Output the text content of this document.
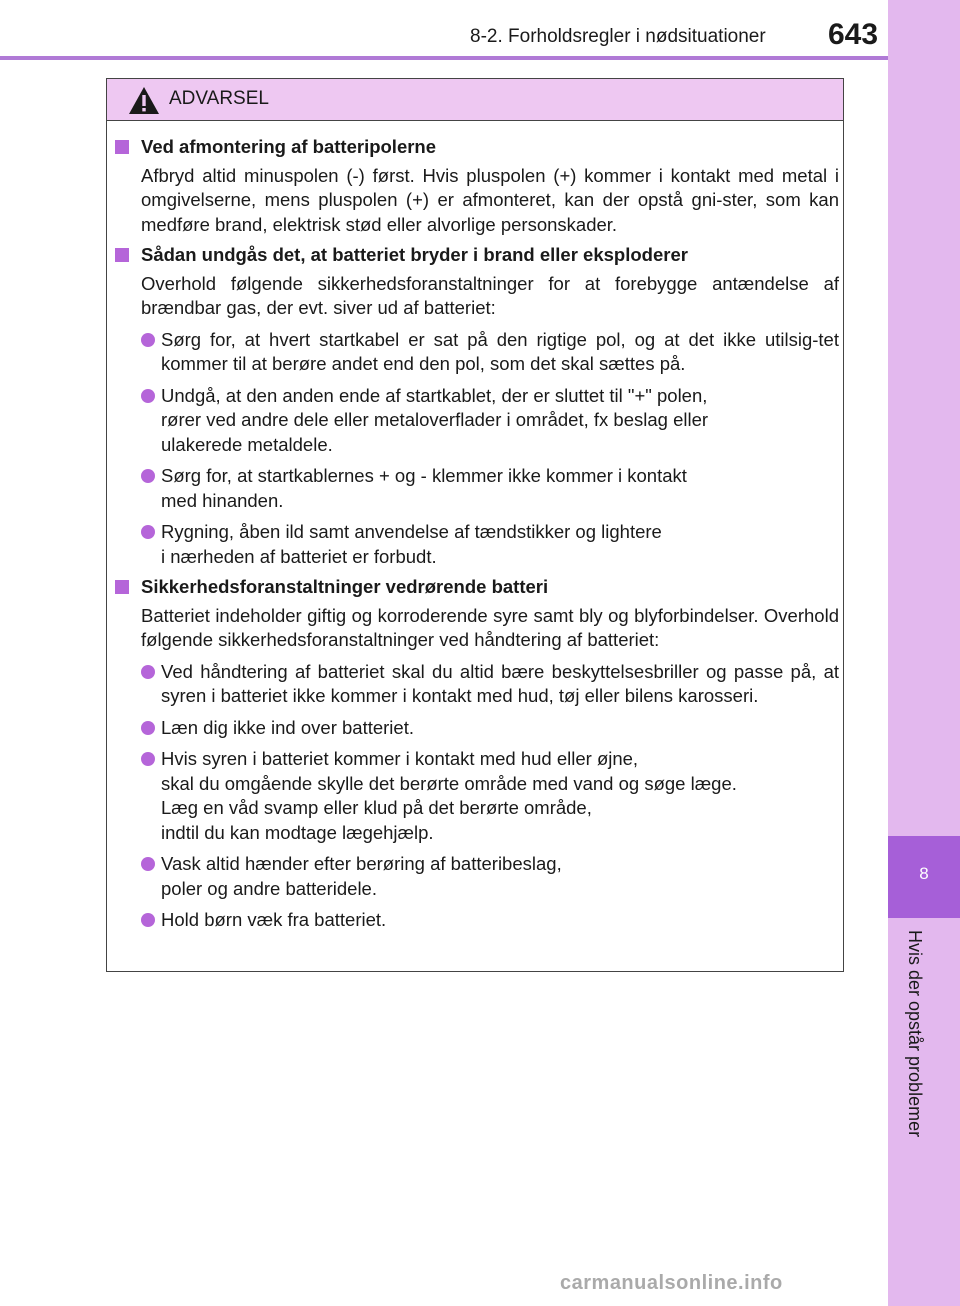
8-2. Forholdsregler i nødsituationer	643
8
Hvis der opstår problemer
ADVARSEL
Ved afmontering af batteripolerne
Afbryd altid minuspolen (-) først. Hvis pluspolen (+) kommer i kontakt med metal i omgivelserne, mens pluspolen (+) er afmonteret, kan der opstå gni-ster, som kan medføre brand, elektrisk stød eller alvorlige personskader.
Sådan undgås det, at batteriet bryder i brand eller eksploderer
Overhold følgende sikkerhedsforanstaltninger for at forebygge antændelse af brændbar gas, der evt. siver ud af batteriet:
Sørg for, at hvert startkabel er sat på den rigtige pol, og at det ikke utilsig-tet kommer til at berøre andet end den pol, som det skal sættes på.
Undgå, at den anden ende af startkablet, der er sluttet til "+" polen,
rører ved andre dele eller metaloverflader i området, fx beslag eller
ulakerede metaldele.
Sørg for, at startkablernes + og - klemmer ikke kommer i kontakt
med hinanden.
Rygning, åben ild samt anvendelse af tændstikker og lightere
i nærheden af batteriet er forbudt.
Sikkerhedsforanstaltninger vedrørende batteri
Batteriet indeholder giftig og korroderende syre samt bly og blyforbindelser. Overhold følgende sikkerhedsforanstaltninger ved håndtering af batteriet:
Ved håndtering af batteriet skal du altid bære beskyttelsesbriller og passe på, at syren i batteriet ikke kommer i kontakt med hud, tøj eller bilens karosseri.
Læn dig ikke ind over batteriet.
Hvis syren i batteriet kommer i kontakt med hud eller øjne,
skal du omgående skylle det berørte område med vand og søge læge.
Læg en våd svamp eller klud på det berørte område,
indtil du kan modtage lægehjælp.
Vask altid hænder efter berøring af batteribeslag,
poler og andre batteridele.
Hold børn væk fra batteriet.
carmanualsonline.info
